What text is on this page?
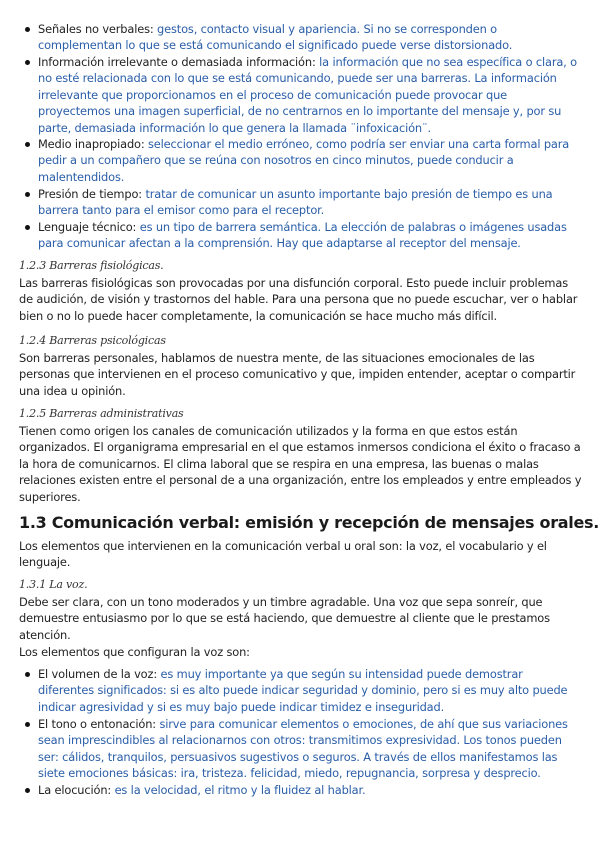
Señales no verbales: gestos, contacto visual y apariencia. Si no se corresponden o complementan lo que se está comunicando el significado puede verse distorsionado.
Información irrelevante o demasiada información: la información que no sea específica o clara, o no esté relacionada con lo que se está comunicando, puede ser una barreras. La información irrelevante que proporcionamos en el proceso de comunicación puede provocar que proyectemos una imagen superficial, de no centrarnos en lo importante del mensaje y, por su parte, demasiada información lo que genera la llamada ¨infoxicación¨.
Medio inapropiado: seleccionar el medio erróneo, como podría ser enviar una carta formal para pedir a un compañero que se reúna con nosotros en cinco minutos, puede conducir a malentendidos.
Presión de tiempo: tratar de comunicar un asunto importante bajo presión de tiempo es una barrera tanto para el emisor como para el receptor.
Lenguaje técnico: es un tipo de barrera semántica. La elección de palabras o imágenes usadas para comunicar afectan a la comprensión. Hay que adaptarse al receptor del mensaje.
1.2.3 Barreras fisiológicas.
Las barreras fisiológicas son provocadas por una disfunción corporal. Esto puede incluir problemas de audición, de visión y trastornos del hable. Para una persona que no puede escuchar, ver o hablar bien o no lo puede hacer completamente, la comunicación se hace mucho más difícil.
1.2.4 Barreras psicológicas
Son barreras personales, hablamos de nuestra mente, de las situaciones emocionales de las personas que intervienen en el proceso comunicativo y que, impiden entender, aceptar o compartir una idea u opinión.
1.2.5 Barreras administrativas
Tienen como origen los canales de comunicación utilizados y la forma en que estos están organizados. El organigrama empresarial en el que estamos inmersos condiciona el éxito o fracaso a la hora de comunicarnos. El clima laboral que se respira en una empresa, las buenas o malas relaciones existen entre el personal de a una organización, entre los empleados y entre empleados y superiores.
1.3 Comunicación verbal: emisión y recepción de mensajes orales.
Los elementos que intervienen en la comunicación verbal u oral son: la voz, el vocabulario y el lenguaje.
1.3.1 La voz.
Debe ser clara, con un tono moderados y un timbre agradable. Una voz que sepa sonreír, que demuestre entusiasmo por lo que se está haciendo, que demuestre al cliente que le prestamos atención.
Los elementos que configuran la voz son:
El volumen de la voz: es muy importante ya que según su intensidad puede demostrar diferentes significados: si es alto puede indicar seguridad y dominio, pero si es muy alto puede indicar agresividad y si es muy bajo puede indicar timidez e inseguridad.
El tono o entonación: sirve para comunicar elementos o emociones, de ahí que sus variaciones sean imprescindibles al relacionarnos con otros: transmitimos expresividad. Los tonos pueden ser: cálidos, tranquilos, persuasivos sugestivos o seguros. A través de ellos manifestamos las siete emociones básicas: ira, tristeza. felicidad, miedo, repugnancia, sorpresa y desprecio.
La elocución: es la velocidad, el ritmo y la fluidez al hablar.
